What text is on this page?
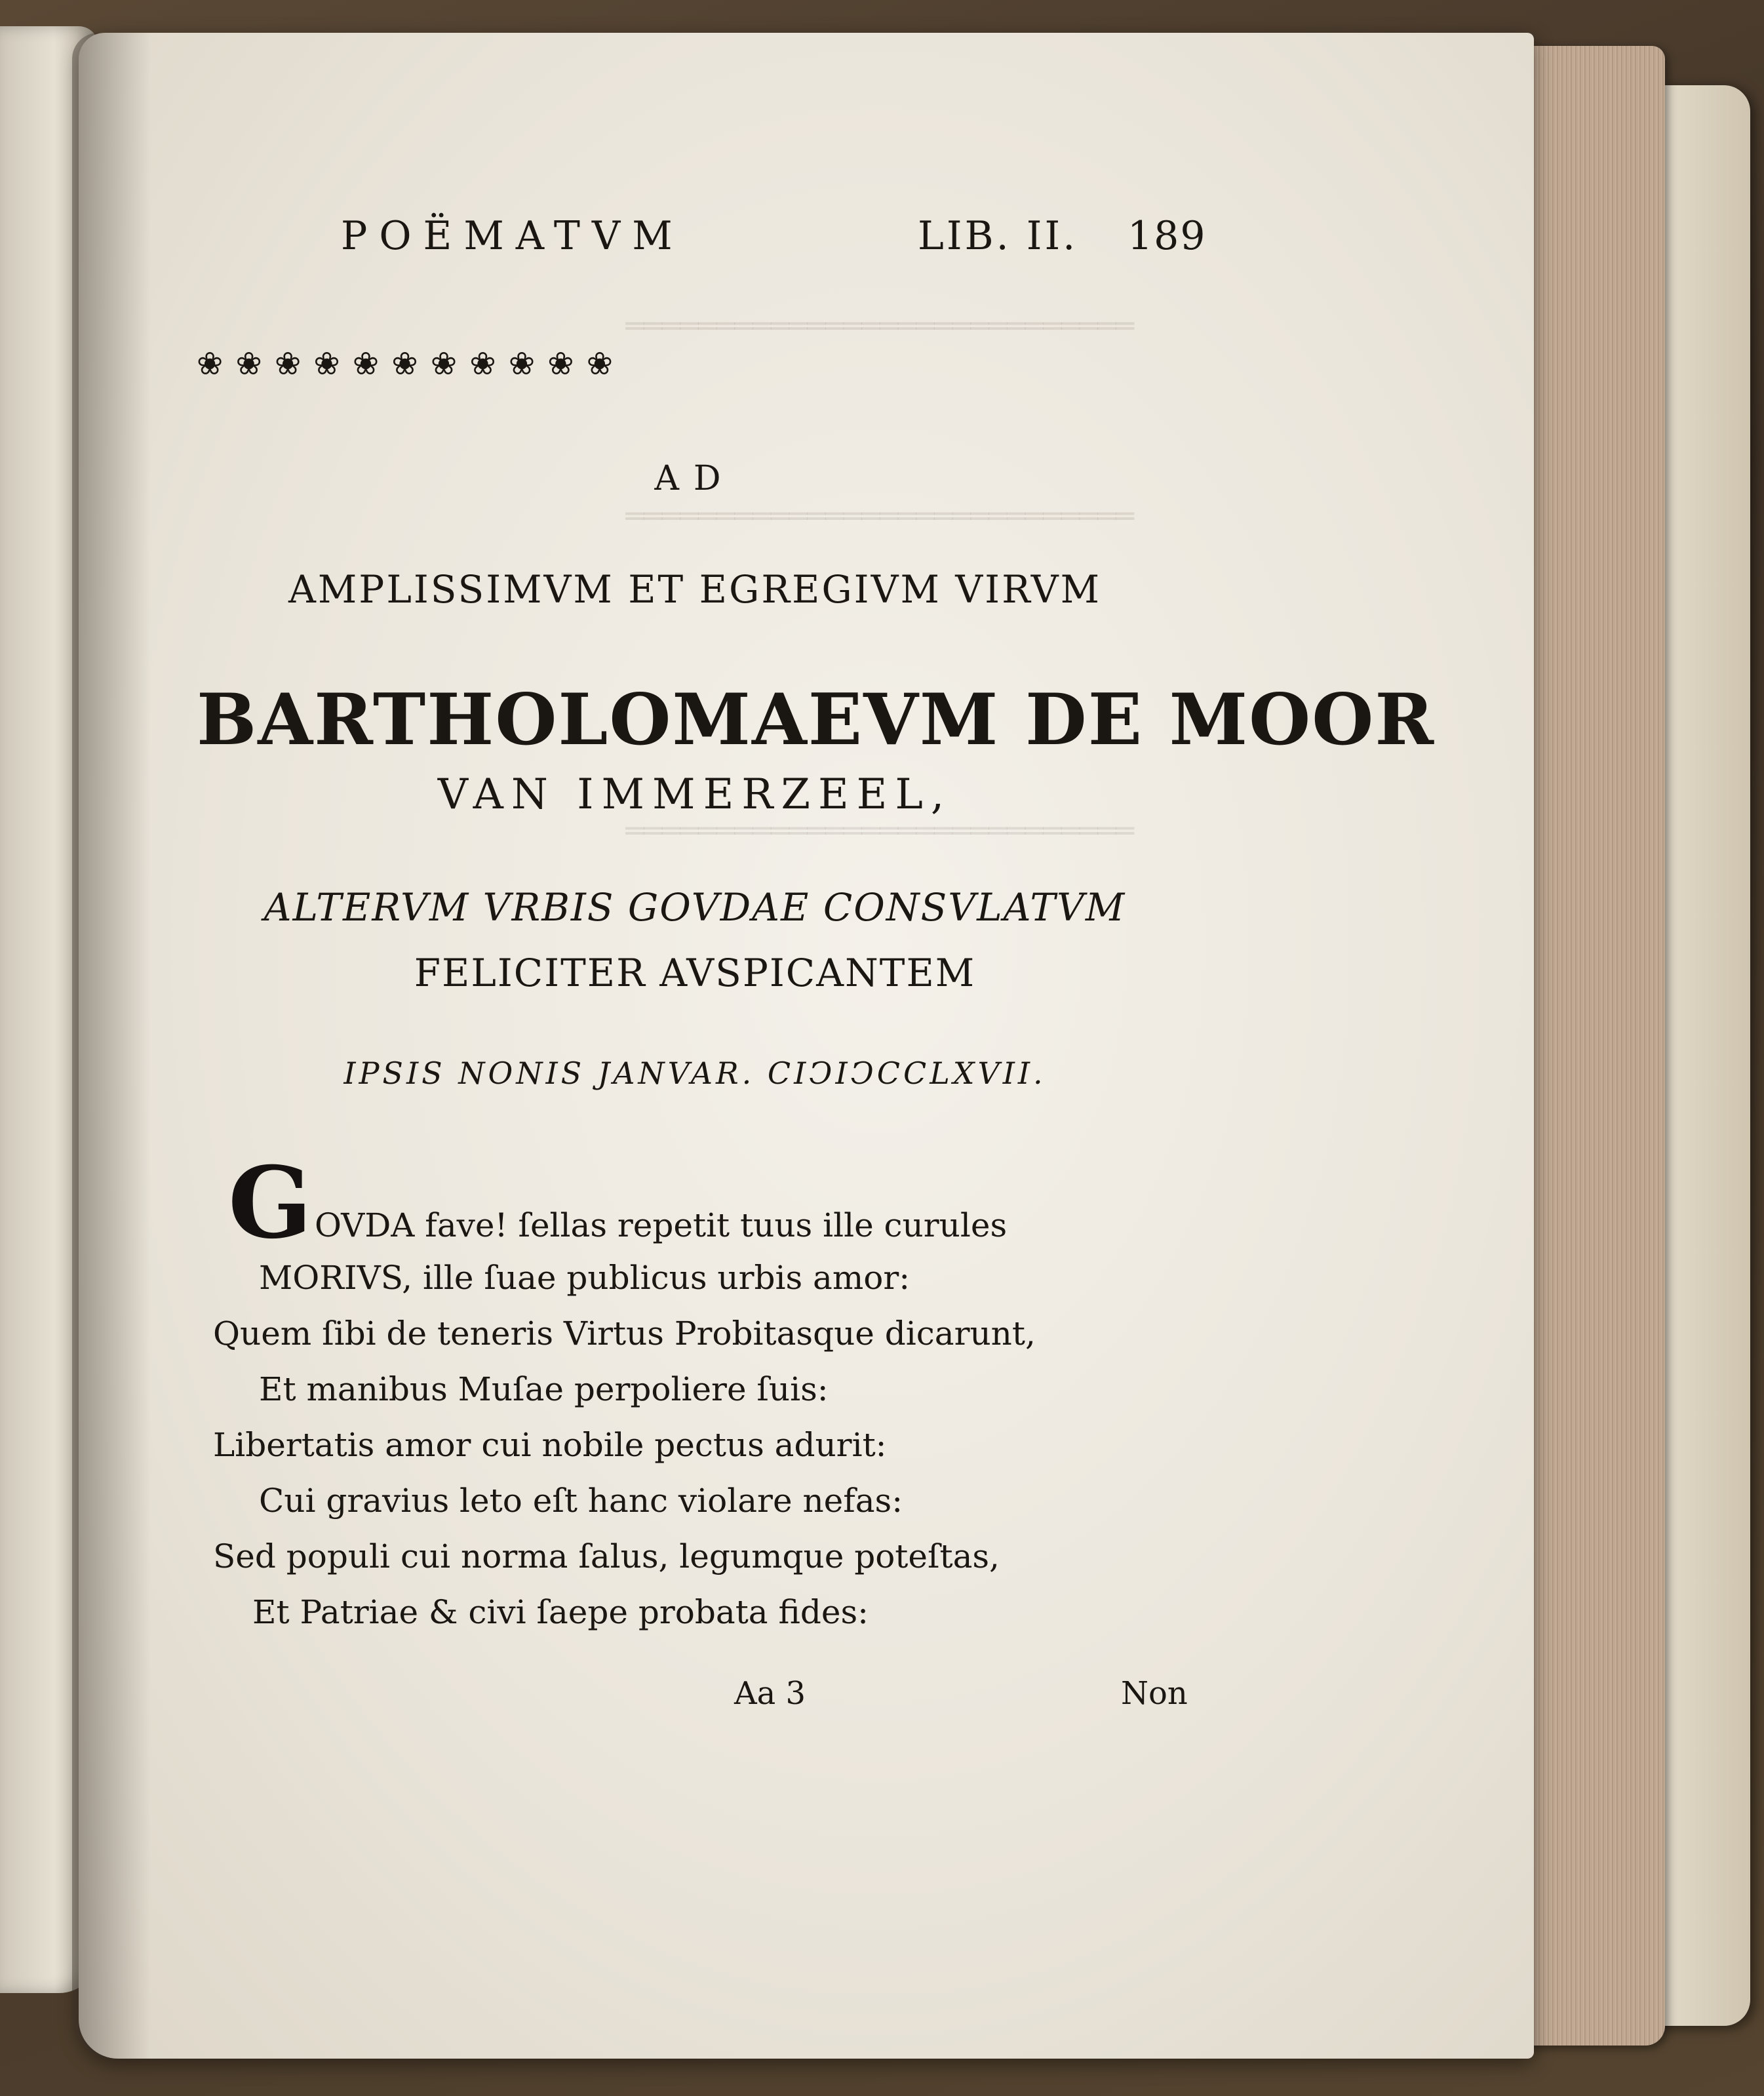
════════════════════════════
════════════════════════════
════════════════════════════
POËMATVM	LIB. II. 189
❀ ❀ ❀ ❀ ❀ ❀ ❀ ❀ ❀ ❀ ❀
AD
AMPLISSIMVM ET EGREGIVM VIRVM
BARTHOLOMAEVM DE MOOR
VAN IMMERZEEL,
ALTERVM VRBIS GOVDAE CONSVLATVM
FELICITER AVSPICANTEM
IPSIS NONIS JANVAR. CIↃIↃCCLXVII.
G OVDA fave! ſellas repetit tuus ille curules
MORIVS, ille ſuae publicus urbis amor:
Quem ſibi de teneris Virtus Probitasque dicarunt,
Et manibus Muſae perpoliere ſuis:
Libertatis amor cui nobile pectus adurit:
Cui gravius leto eſt hanc violare nefas:
Sed populi cui norma ſalus, legumque poteſtas,
Et Patriae & civi ſaepe probata fides:
Aa 3	Non
